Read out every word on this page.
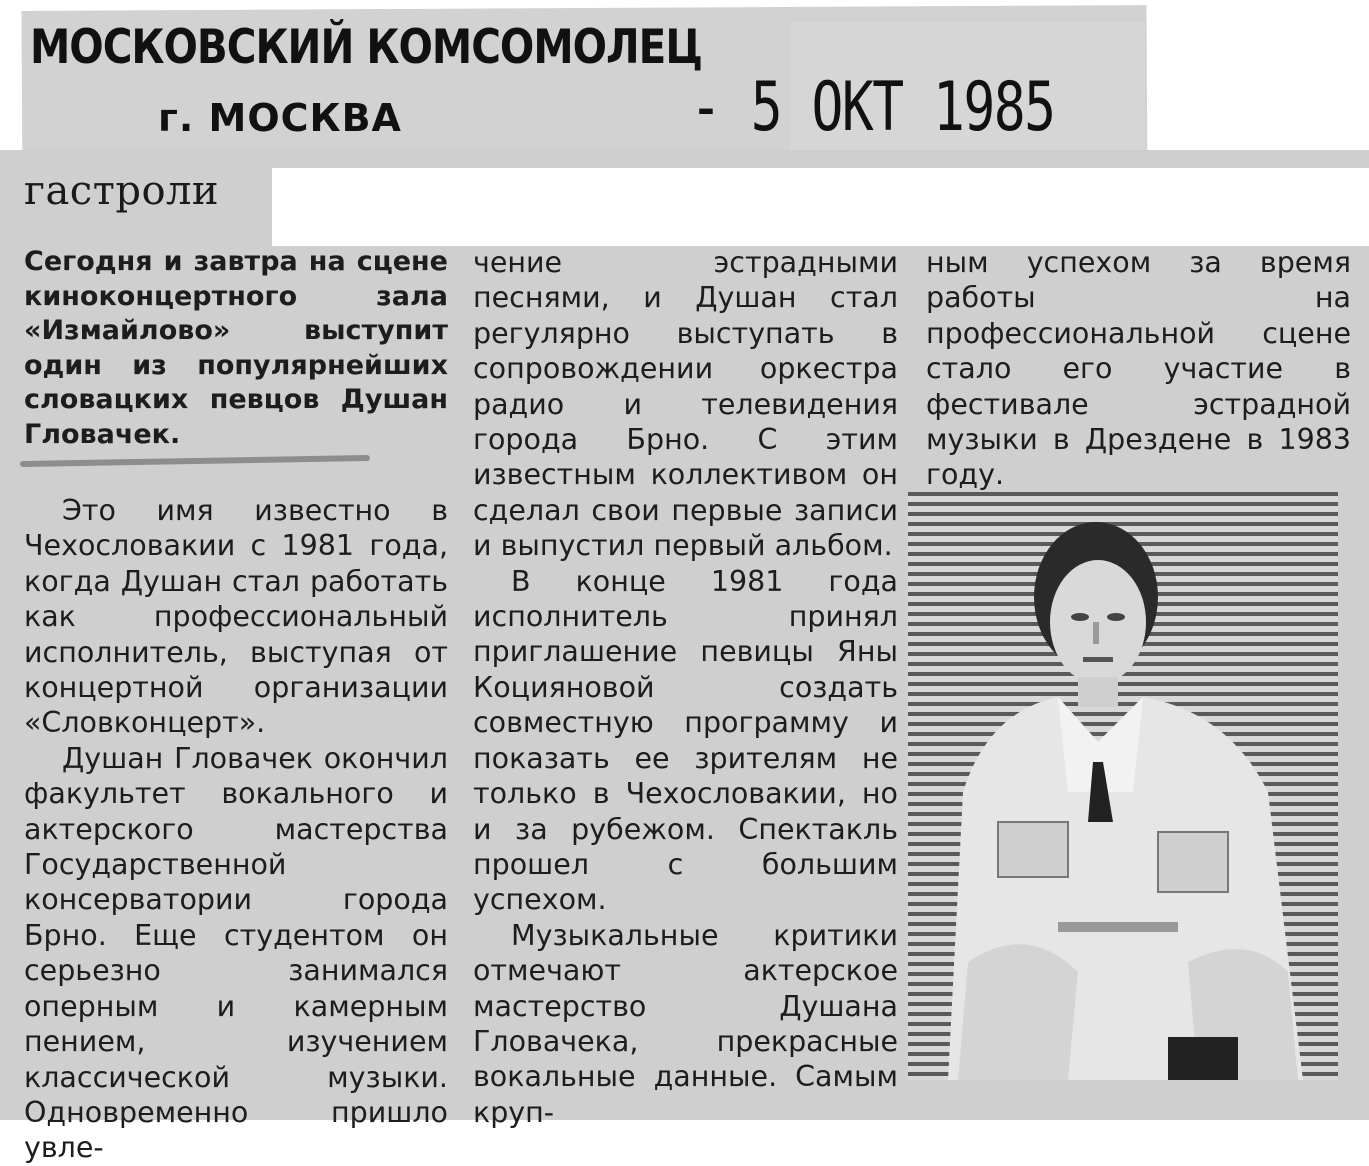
МОСКОВСКИЙ КОМСОМОЛЕЦ
г. МОСКВА	- 5 ОКТ 1985
гастроли

Сегодня и завтра на сцене киноконцертного зала «Измайлово» выступит один из популярнейших словацких певцов Душан Гловачек.

Это имя известно в Чехословакии с 1981 года, когда Душан стал работать как профессиональный исполнитель, выступая от концертной организации «Словконцерт».

Душан Гловачек окончил факультет вокального и актерского мастерства Государственной консерватории города Брно. Еще студентом он серьезно занимался оперным и камерным пением, изучением классической музыки. Одновременно пришло увле-

чение эстрадными песнями, и Душан стал регулярно выступать в сопровождении оркестра радио и телевидения города Брно. С этим известным коллективом он сделал свои первые записи и выпустил первый альбом.

В конце 1981 года исполнитель принял приглашение певицы Яны Коцияновой создать совместную программу и показать ее зрителям не только в Чехословакии, но и за рубежом. Спектакль прошел с большим успехом.

Музыкальные критики отмечают актерское мастерство Душана Гловачека, прекрасные вокальные данные. Самым круп-

ным успехом за время работы на профессиональной сцене стало его участие в фестивале эстрадной музыки в Дрездене в 1983 году.
